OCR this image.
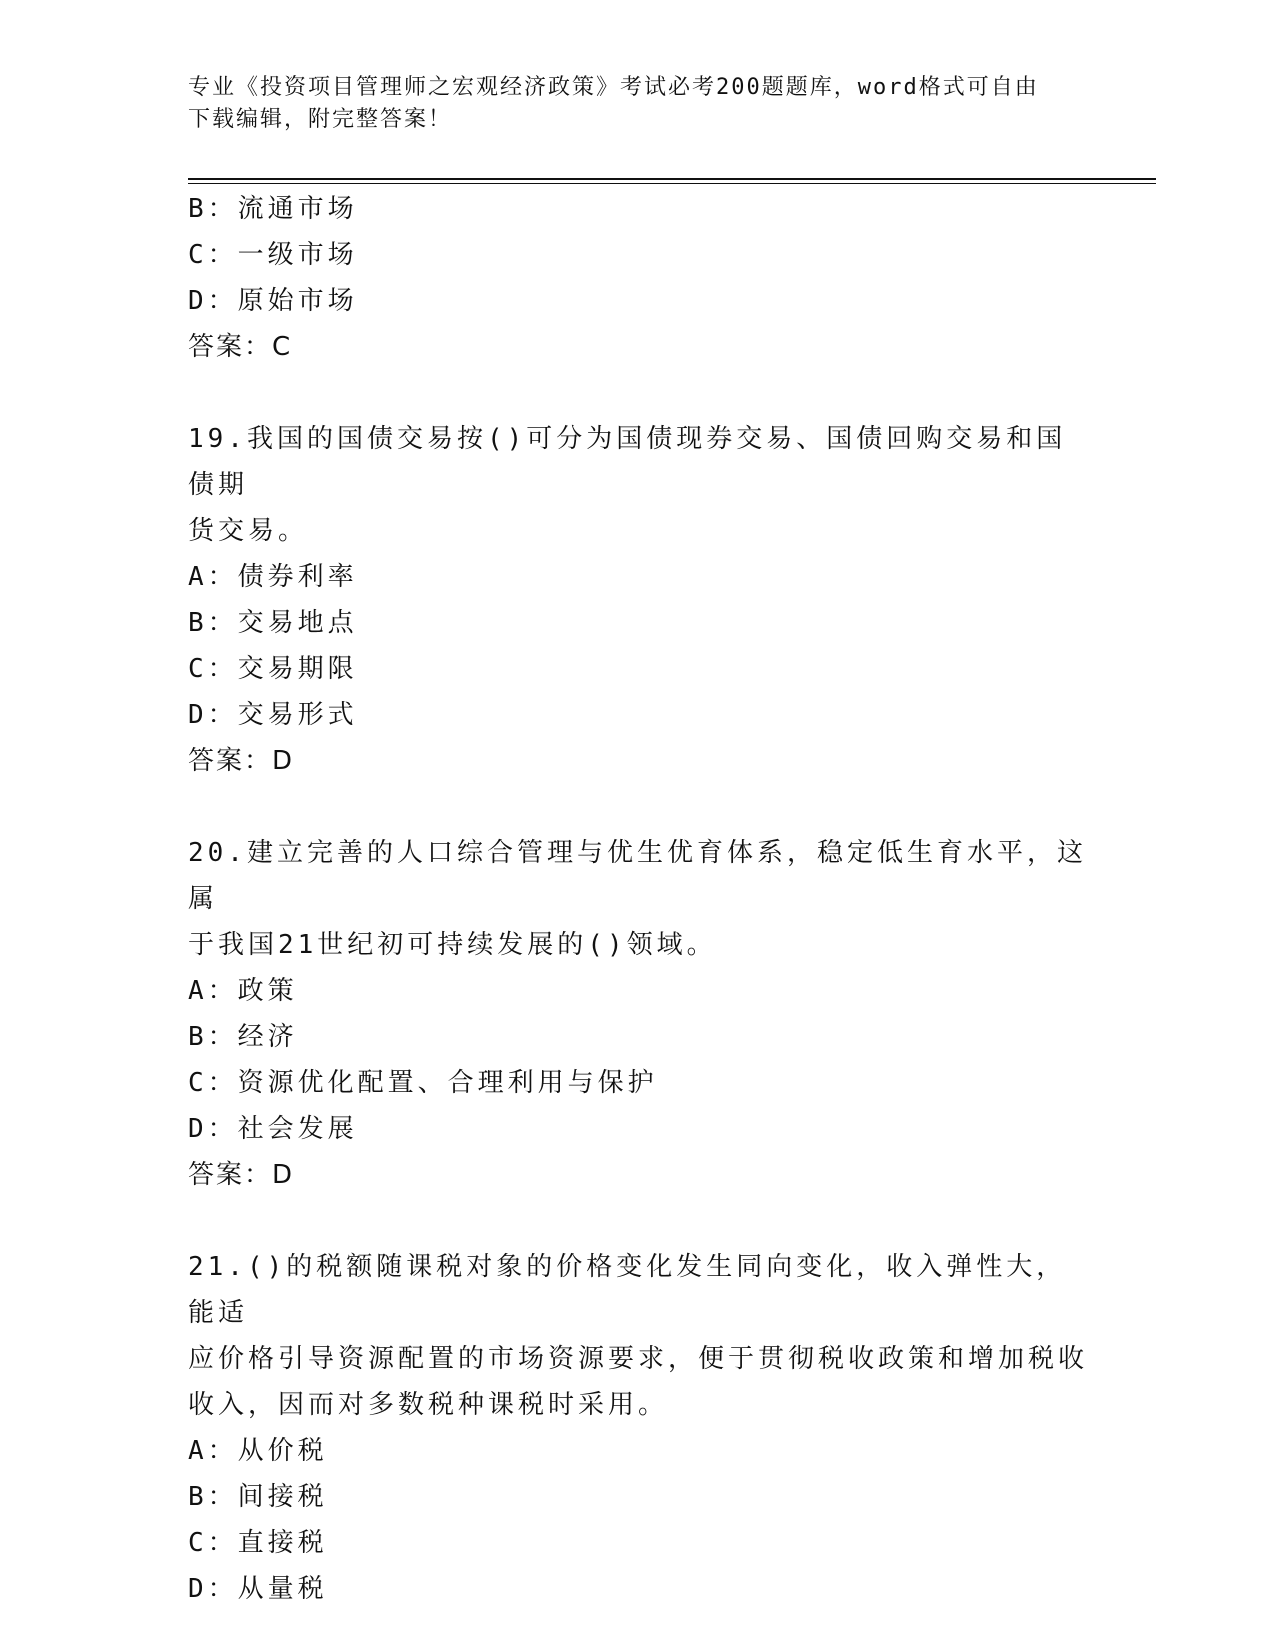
专业《投资项目管理师之宏观经济政策》考试必考200题题库，word格式可自由
下载编辑，附完整答案！
B：流通市场
C：一级市场
D：原始市场
答案：C
19.我国的国债交易按()可分为国债现券交易、国债回购交易和国债期
货交易。
A：债券利率
B：交易地点
C：交易期限
D：交易形式
答案：D
20.建立完善的人口综合管理与优生优育体系，稳定低生育水平，这属
于我国21世纪初可持续发展的()领域。
A：政策
B：经济
C：资源优化配置、合理利用与保护
D：社会发展
答案：D
21.()的税额随课税对象的价格变化发生同向变化，收入弹性大，能适
应价格引导资源配置的市场资源要求，便于贯彻税收政策和增加税收
收入，因而对多数税种课税时采用。
A：从价税
B：间接税
C：直接税
D：从量税
